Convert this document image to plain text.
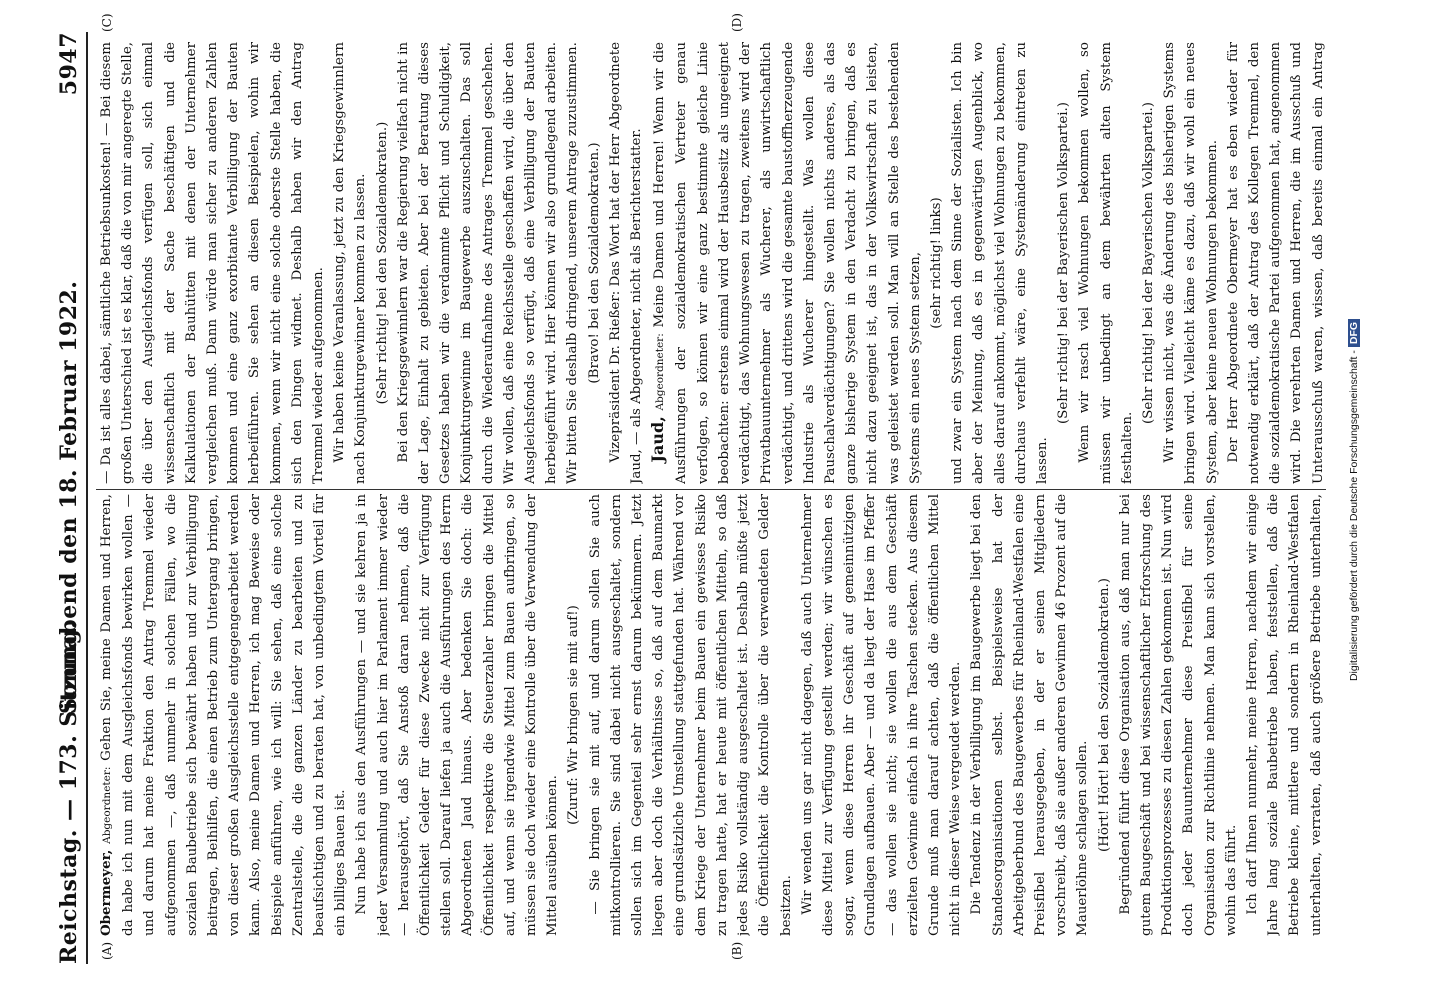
Reichstag. — 173. Sitzung.
Sonnabend den 18. Februar 1922.
5947
(A)	(B)
(C)	(D)

Obermeyer, Abgeordneter: Gehen Sie, meine Damen und Herren, da habe ich nun mit dem Ausgleichsfonds bewirken wollen — und darum hat meine Fraktion den Antrag Tremmel wieder aufgenommen —, daß nunmehr in solchen Fällen, wo die sozialen Baubetriebe sich bewährt haben und zur Verbilligung beitragen, Beihilfen, die einen Betrieb zum Untergang bringen, von dieser großen Ausgleichsstelle entgegengearbeitet werden kann. Also, meine Damen und Herren, ich mag Beweise oder Beispiele anführen, wie ich will: Sie sehen, daß eine solche Zentralstelle, die die ganzen Länder zu bearbeiten und zu beaufsichtigen und zu beraten hat, von unbedingtem Vorteil für ein billiges Bauen ist. Nun habe ich aus den Ausführungen — und sie kehren ja in jeder Versammlung und auch hier im Parlament immer wieder — herausgehört, daß Sie Anstoß daran nehmen, daß die Öffentlichkeit Gelder für diese Zwecke nicht zur Verfügung stellen soll. Darauf liefen ja auch die Ausführungen des Herrn Abgeordneten Jaud hinaus. Aber bedenken Sie doch: die Öffentlichkeit respektive die Steuerzahler bringen die Mittel auf, und wenn sie irgendwie Mittel zum Bauen aufbringen, so müssen sie doch wieder eine Kontrolle über die Verwendung der Mittel ausüben können.

(Zuruf: Wir bringen sie mit auf!) — Sie bringen sie mit auf, und darum sollen Sie auch mitkontrollieren. Sie sind dabei nicht ausgeschaltet, sondern sollen sich im Gegenteil sehr ernst darum bekümmern. Jetzt liegen aber doch die Verhältnisse so, daß auf dem Baumarkt eine grundsätzliche Umstellung stattgefunden hat. Während vor dem Kriege der Unternehmer beim Bauen ein gewisses Risiko zu tragen hatte, hat er heute mit öffentlichen Mitteln, so daß jedes Risiko vollständig ausgeschaltet ist. Deshalb müßte jetzt die Öffentlichkeit die Kontrolle über die verwendeten Gelder besitzen. Wir wenden uns gar nicht dagegen, daß auch Unternehmer diese Mittel zur Verfügung gestellt werden; wir wünschen es sogar, wenn diese Herren ihr Geschäft auf gemeinnützigen Grundlagen aufbauen. Aber — und da liegt der Hase im Pfeffer — das wollen sie nicht; sie wollen die aus dem Geschäft erzielten Gewinne einfach in ihre Taschen stecken. Aus diesem Grunde muß man darauf achten, daß die öffentlichen Mittel nicht in dieser Weise vergeudet werden. Die Tendenz in der Verbilligung im Baugewerbe liegt bei den Standesorganisationen selbst. Beispielsweise hat der Arbeitgeberbund des Baugewerbes für Rheinland-Westfalen eine Preisfibel herausgegeben, in der er seinen Mitgliedern vorschreibt, daß sie außer anderen Gewinnen 46 Prozent auf die Mauerlöhne schlagen sollen. (Hört! Hört! bei den Sozialdemokraten.) Begründend führt diese Organisation aus, daß man nur bei gutem Baugeschäft und bei wissenschaftlicher Erforschung des Produktionsprozesses zu diesen Zahlen gekommen ist. Nun wird doch jeder Bauunternehmer diese Preisfibel für seine Organisation zur Richtlinie nehmen. Man kann sich vorstellen, wohin das führt. Ich darf Ihnen nunmehr, meine Herren, nachdem wir einige Jahre lang soziale Baubetriebe haben, feststellen, daß die Betriebe kleine, mittlere und sondern in Rheinland-Westfalen unterhalten, verraten, daß auch größere Betriebe unterhalten,

— Da ist alles dabei, sämtliche Betriebsunkosten! — Bei diesem großen Unterschied ist es klar, daß die von mir angeregte Stelle, die über den Ausgleichsfonds verfügen soll, sich einmal wissenschaftlich mit der Sache beschäftigen und die Kalkulationen der Bauhütten mit denen der Unternehmer vergleichen muß. Dann würde man sicher zu anderen Zahlen kommen und eine ganz exorbitante Verbilligung der Bauten herbeiführen. Sie sehen an diesen Beispielen, wohin wir kommen, wenn wir nicht eine solche oberste Stelle haben, die sich den Dingen widmet. Deshalb haben wir den Antrag Tremmel wieder aufgenommen. Wir haben keine Veranlassung, jetzt zu den Kriegsgewinnlern nach Konjunkturgewinner kommen zu lassen. (Sehr richtig! bei den Sozialdemokraten.) Bei den Kriegsgewinnlern war die Regierung vielfach nicht in der Lage, Einhalt zu gebieten. Aber bei der Beratung dieses Gesetzes haben wir die verdammte Pflicht und Schuldigkeit, Konjunkturgewinne im Baugewerbe auszuschalten. Das soll durch die Wiederaufnahme des Antrages Tremmel geschehen. Wir wollen, daß eine Reichsstelle geschaffen wird, die über den Ausgleichsfonds so verfügt, daß eine Verbilligung der Bauten herbeigeführt wird. Hier können wir also grundlegend arbeiten. Wir bitten Sie deshalb dringend, unserem Antrage zuzustimmen. (Bravo! bei den Sozialdemokraten.) Vizepräsident Dr. Rießer: Das Wort hat der Herr Abgeordnete Jaud, — als Abgeordneter, nicht als Berichterstatter. Jaud, Abgeordneter: Meine Damen und Herren! Wenn wir die Ausführungen der sozialdemokratischen Vertreter genau verfolgen, so können wir eine ganz bestimmte gleiche Linie beobachten: erstens einmal wird der Hausbesitz als ungeeignet verdächtigt, das Wohnungswesen zu tragen, zweitens wird der Privatbauunternehmer als Wucherer, als unwirtschaftlich verdächtigt, und drittens wird die gesamte baustoffherzeugende Industrie als Wucherer hingestellt. Was wollen diese Pauschalverdächtigungen? Sie wollen nichts anderes, als das ganze bisherige System in den Verdacht zu bringen, daß es nicht dazu geeignet ist, das in der Volkswirtschaft zu leisten, was geleistet werden soll. Man will an Stelle des bestehenden Systems ein neues System setzen, (sehr richtig! links) und zwar ein System nach dem Sinne der Sozialisten. Ich bin aber der Meinung, daß es in gegenwärtigen Augenblick, wo alles darauf ankommt, möglichst viel Wohnungen zu bekommen, durchaus verfehlt wäre, eine Systemänderung eintreten zu lassen.

(Sehr richtig! bei der Bayerischen Volkspartei.) Wenn wir rasch viel Wohnungen bekommen wollen, so müssen wir unbedingt an dem bewährten alten System festhalten.

(Sehr richtig! bei der Bayerischen Volkspartei.) Wir wissen nicht, was die Änderung des bisherigen Systems bringen wird. Vielleicht käme es dazu, daß wir wohl ein neues System, aber keine neuen Wohnungen bekommen. Der Herr Abgeordnete Obermeyer hat es eben wieder für notwendig erklärt, daß der Antrag des Kollegen Tremmel, den die sozialdemokratische Partei aufgenommen hat, angenommen wird. Die verehrten Damen und Herren, die im Ausschuß und Unterausschuß waren, wissen, daß bereits einmal ein Antrag

Digitalisierung gefördert durch die Deutsche Forschungsgemeinschaft -DFG
